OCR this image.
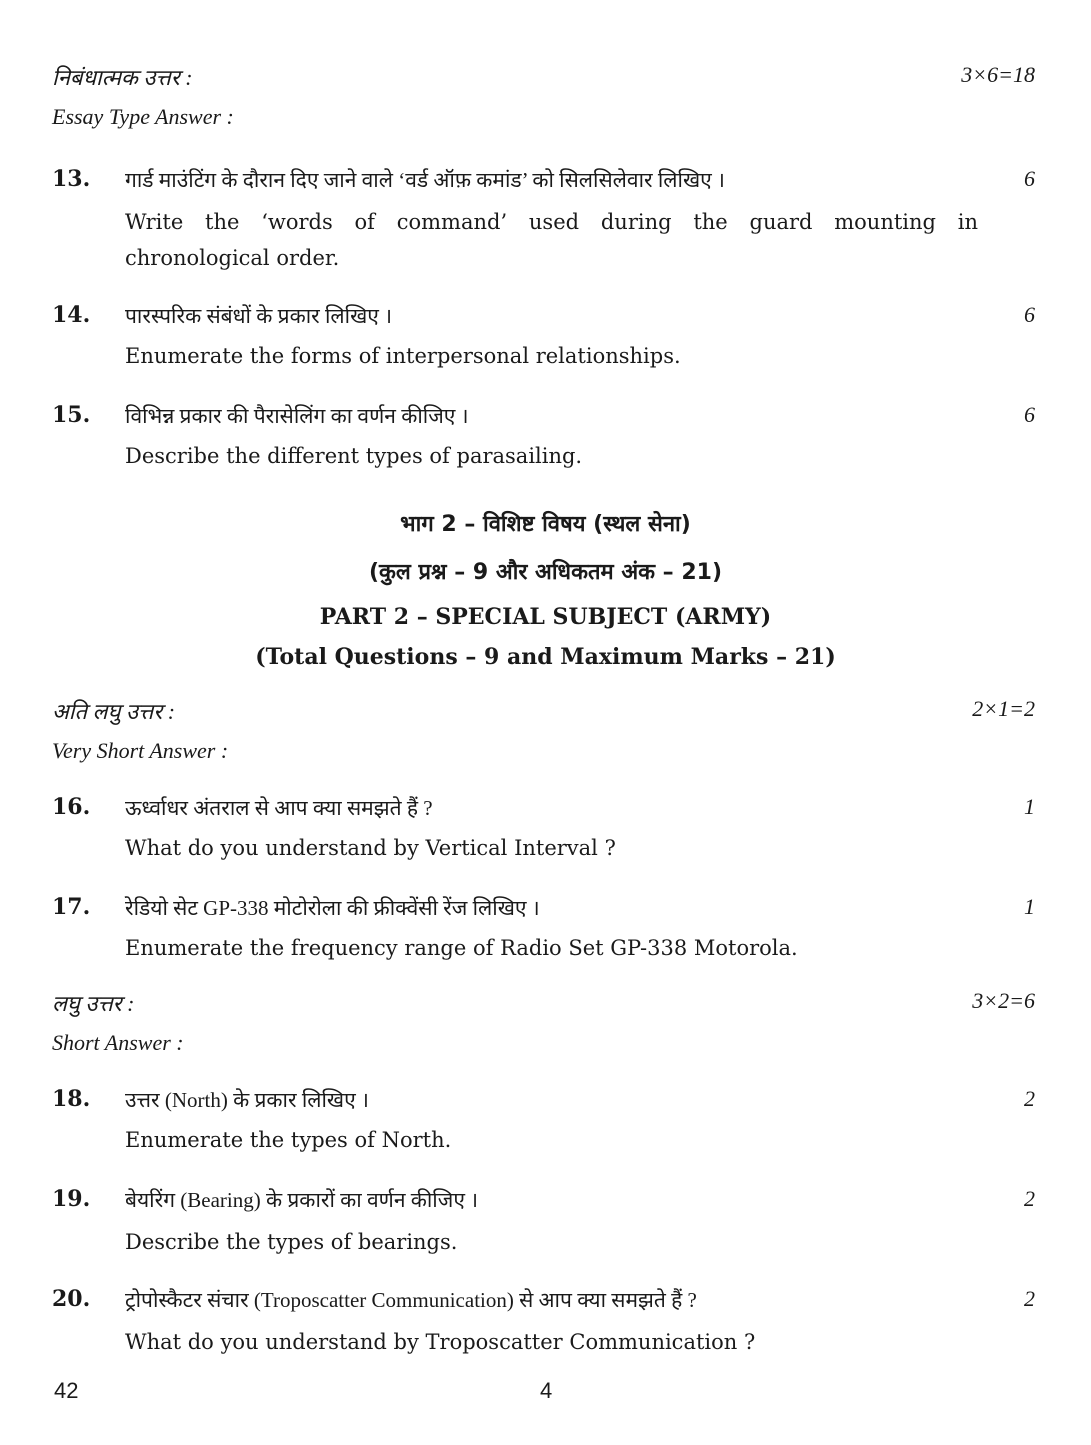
निबंधात्मक उत्तर :	3×6=18
Essay Type Answer :
13. गार्ड माउंटिंग के दौरान दिए जाने वाले ‘वर्ड ऑफ़ कमांड’ को सिलसिलेवार लिखिए ।	6
Write the ‘words of command’ used during the guard mounting in chronological order.
14. पारस्परिक संबंधों के प्रकार लिखिए ।	6
Enumerate the forms of interpersonal relationships.
15. विभिन्न प्रकार की पैरासेलिंग का वर्णन कीजिए ।	6
Describe the different types of parasailing.
भाग 2 – विशिष्ट विषय (स्थल सेना)
(कुल प्रश्न – 9 और अधिकतम अंक – 21)
PART 2 – SPECIAL SUBJECT (ARMY)
(Total Questions – 9 and Maximum Marks – 21)
अति लघु उत्तर :	2×1=2
Very Short Answer :
16. ऊर्ध्वाधर अंतराल से आप क्या समझते हैं ?	1
What do you understand by Vertical Interval ?
17. रेडियो सेट GP-338 मोटोरोला की फ्रीक्वेंसी रेंज लिखिए ।	1
Enumerate the frequency range of Radio Set GP-338 Motorola.
लघु उत्तर :	3×2=6
Short Answer :
18. उत्तर (North) के प्रकार लिखिए ।	2
Enumerate the types of North.
19. बेयरिंग (Bearing) के प्रकारों का वर्णन कीजिए ।	2
Describe the types of bearings.
20. ट्रोपोस्कैटर संचार (Troposcatter Communication) से आप क्या समझते हैं ?	2
What do you understand by Troposcatter Communication ?
42	4
